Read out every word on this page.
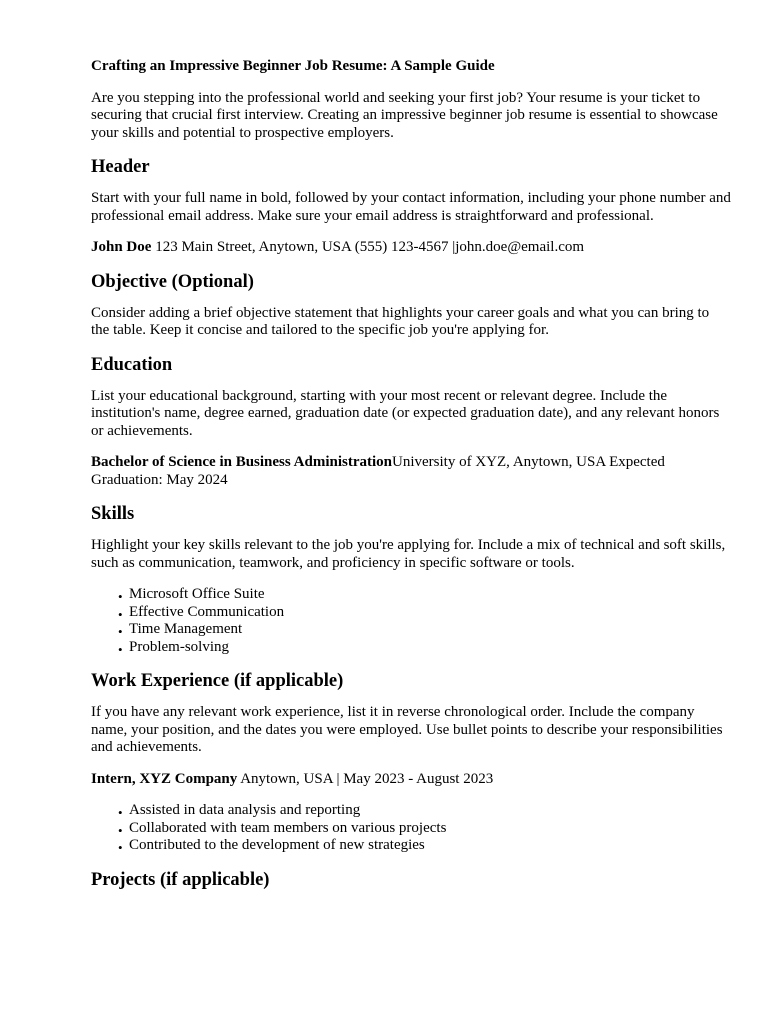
Crafting an Impressive Beginner Job Resume: A Sample Guide

Are you stepping into the professional world and seeking your first job? Your resume is your ticket to securing that crucial first interview. Creating an impressive beginner job resume is essential to showcase your skills and potential to prospective employers.

Header

Start with your full name in bold, followed by your contact information, including your phone number and professional email address. Make sure your email address is straightforward and professional.

John Doe 123 Main Street, Anytown, USA (555) 123-4567 |john.doe@email.com

Objective (Optional)

Consider adding a brief objective statement that highlights your career goals and what you can bring to the table. Keep it concise and tailored to the specific job you're applying for.

Education

List your educational background, starting with your most recent or relevant degree. Include the institution's name, degree earned, graduation date (or expected graduation date), and any relevant honors or achievements.

Bachelor of Science in Business AdministrationUniversity of XYZ, Anytown, USA Expected Graduation: May 2024

Skills

Highlight your key skills relevant to the job you're applying for. Include a mix of technical and soft skills, such as communication, teamwork, and proficiency in specific software or tools.

• Microsoft Office Suite
• Effective Communication
• Time Management
• Problem-solving
Work Experience (if applicable)

If you have any relevant work experience, list it in reverse chronological order. Include the company name, your position, and the dates you were employed. Use bullet points to describe your responsibilities and achievements.

Intern, XYZ Company Anytown, USA | May 2023 - August 2023

• Assisted in data analysis and reporting
• Collaborated with team members on various projects
• Contributed to the development of new strategies
Projects (if applicable)
